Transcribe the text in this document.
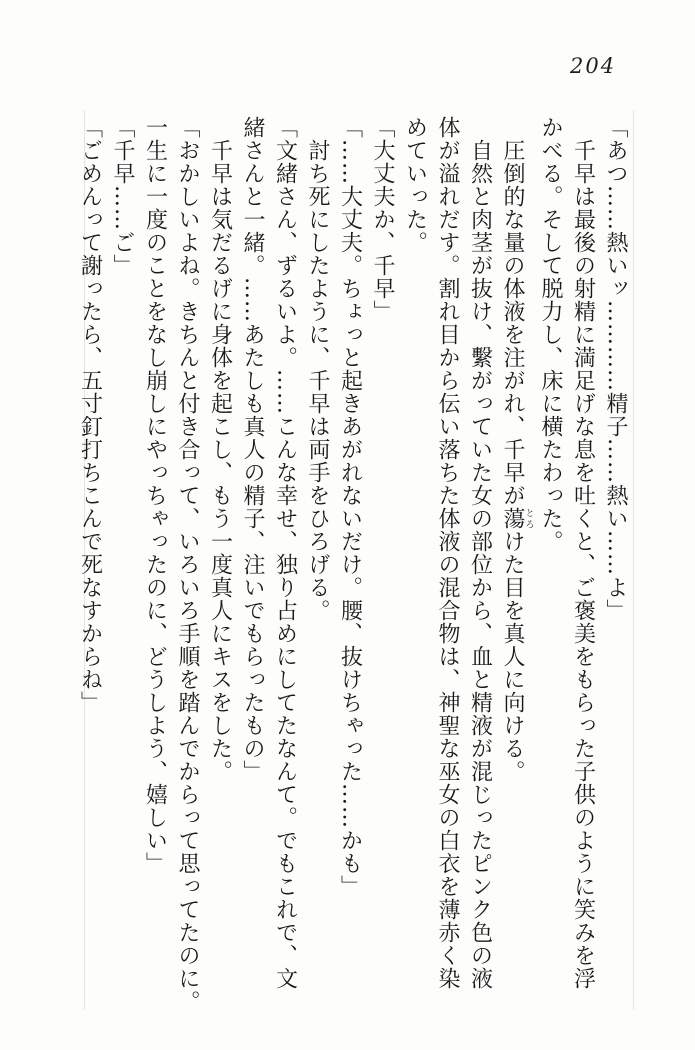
204
「あつ……熱いッ…………精子……熱い……よ」
千早は最後の射精に満足げな息を吐くと、ご褒美をもらった子供のように笑みを浮
かべる。そして脱力し、床に横たわった。
圧倒的な量の体液を注がれ、千早が蕩とろけた目を真人に向ける。
自然と肉茎が抜け、繫がっていた女の部位から、血と精液が混じったピンク色の液
体が溢れだす。割れ目から伝い落ちた体液の混合物は、神聖な巫女の白衣を薄赤く染
めていった。
「大丈夫か、千早」
「……大丈夫。ちょっと起きあがれないだけ。腰、抜けちゃった……かも」
討ち死にしたように、千早は両手をひろげる。
「文緒さん、ずるいよ。……こんな幸せ、独り占めにしてたなんて。でもこれで、文
緒さんと一緒。……あたしも真人の精子、注いでもらったもの」
千早は気だるげに身体を起こし、もう一度真人にキスをした。
「おかしいよね。きちんと付き合って、いろいろ手順を踏んでからって思ってたのに。
一生に一度のことをなし崩しにやっちゃったのに、どうしよう、嬉しい」
「千早……ご」
「ごめんって謝ったら、五寸釘打ちこんで死なすからね」
